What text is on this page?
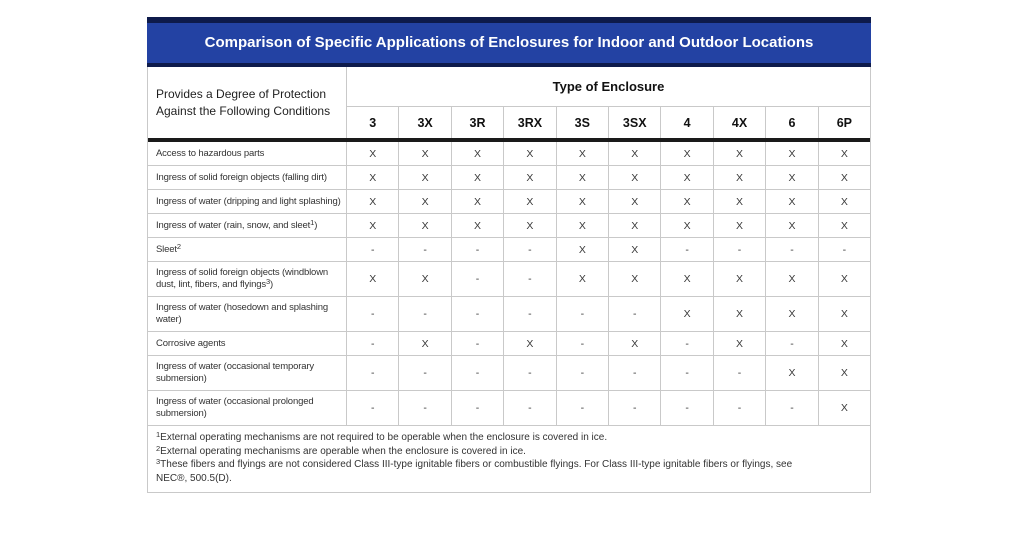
Comparison of Specific Applications of Enclosures for Indoor and Outdoor Locations
Provides a Degree of Protection Against the Following Conditions
Type of Enclosure
3	3X	3R	3RX	3S	3SX	4	4X	6	6P
Access to hazardous parts	X	X	X	X	X	X	X	X	X	X
Ingress of solid foreign objects (falling dirt)	X	X	X	X	X	X	X	X	X	X
Ingress of water (dripping and light splashing)	X	X	X	X	X	X	X	X	X	X
Ingress of water (rain, snow, and sleet$^1$)	X	X	X	X	X	X	X	X	X	X
Sleet$^2$	-	-	-	-	X	X	-	-	-	-
Ingress of solid foreign objects (windblown dust, lint, fibers, and flyings$^3$)	X	X	-	-	X	X	X	X	X	X
Ingress of water (hosedown and splashing water)	-	-	-	-	-	-	X	X	X	X
Corrosive agents	-	X	-	X	-	X	-	X	-	X
Ingress of water (occasional temporary submersion)	-	-	-	-	-	-	-	-	X	X
Ingress of water (occasional prolonged submersion)	-	-	-	-	-	-	-	-	-	X
$^1$External operating mechanisms are not required to be operable when the enclosure is covered in ice.
$^2$External operating mechanisms are operable when the enclosure is covered in ice.
$^3$These fibers and flyings are not considered Class III-type ignitable fibers or combustible flyings. For Class III-type ignitable fibers or flyings, see NEC®, 500.5(D).
